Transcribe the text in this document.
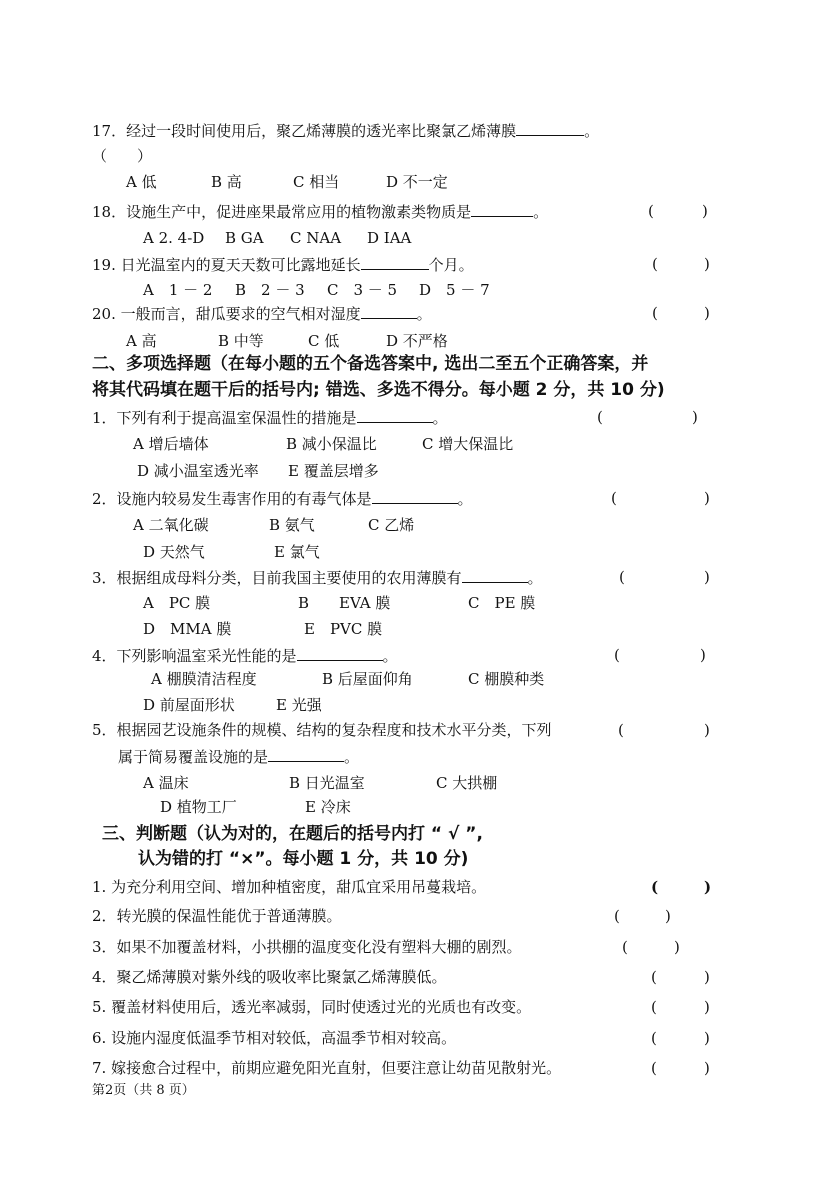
17．经过一段时间使用后，聚乙烯薄膜的透光率比聚氯乙烯薄膜	。
（　　）
A 低	B 高	C 相当	D 不一定
18．设施生产中，促进座果最常应用的植物激素类物质是	。	(	)
A 2. 4-D B GA C NAA D IAA
19. 日光温室内的夏天天数可比露地延长	个月。	(	)
A　1 － 2 B　2 － 3 C　3 － 5 D　5 － 7
20. 一般而言，甜瓜要求的空气相对湿度	。	(	)
A 高	B 中等	C 低	D 不严格
二、多项选择题（在每小题的五个备选答案中, 选出二至五个正确答案，并
将其代码填在题干后的括号内; 错选、多选不得分。每小题 2 分，共 10 分)
1．下列有利于提高温室保温性的措施是	。	(	)
A 增后墙体	B 减小保温比	C 增大保温比
D 减小温室透光率 E 覆盖层增多
2．设施内较易发生毒害作用的有毒气体是	。	(	)
A 二氧化碳	B 氨气	C 乙烯
D 天然气	E 氯气
3．根据组成母料分类，目前我国主要使用的农用薄膜有	。	(	)
A　PC 膜	B　　EVA 膜	C　PE 膜
D　MMA 膜	E　PVC 膜
4．下列影响温室采光性能的是	。	(	)
A 棚膜清洁程度	B 后屋面仰角	C 棚膜种类
D 前屋面形状	E 光强
5．根据园艺设施条件的规模、结构的复杂程度和技术水平分类，下列	(	)
属于简易覆盖设施的是	。
A 温床	B 日光温室	C 大拱棚
D 植物工厂	E 冷床
三、判断题（认为对的，在题后的括号内打 “ √ ”,
认为错的打 “×”。每小题 1 分，共 10 分)
1. 为充分利用空间、增加种植密度，甜瓜宜采用吊蔓栽培。	(	)
2．转光膜的保温性能优于普通薄膜。	(	)
3．如果不加覆盖材料，小拱棚的温度变化没有塑料大棚的剧烈。	(	)
4．聚乙烯薄膜对紫外线的吸收率比聚氯乙烯薄膜低。	(	)
5. 覆盖材料使用后，透光率减弱，同时使透过光的光质也有改变。	(	)
6. 设施内湿度低温季节相对较低，高温季节相对较高。	(	)
7. 嫁接愈合过程中，前期应避免阳光直射，但要注意让幼苗见散射光。	(	)
第2页（共 8 页）
